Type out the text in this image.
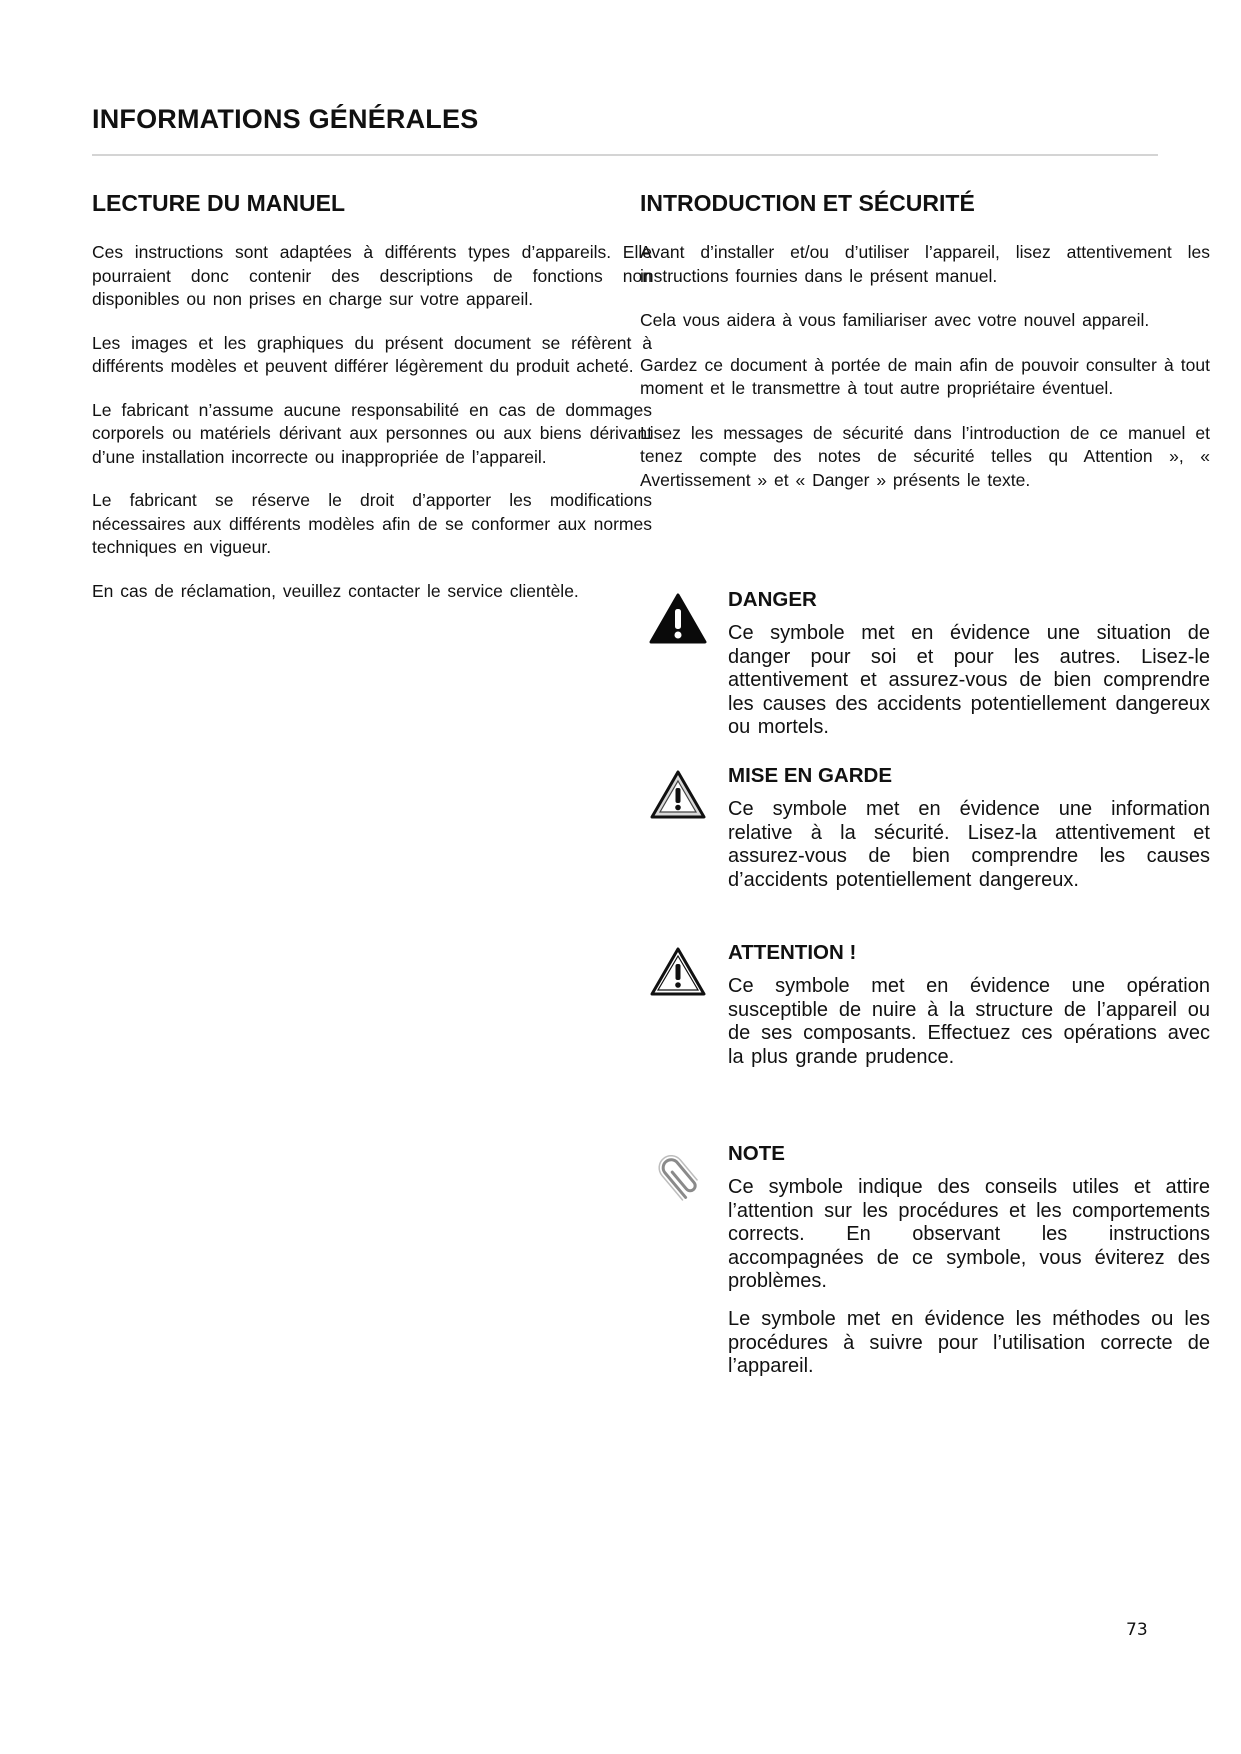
INFORMATIONS GÉNÉRALES
LECTURE DU MANUEL

Ces instructions sont adaptées à différents types d’appareils. Elle pourraient donc contenir des descriptions de fonctions non disponibles ou non prises en charge sur votre appareil.

Les images et les graphiques du présent document se réfèrent à différents modèles et peuvent différer légèrement du produit acheté.

Le fabricant n’assume aucune responsabilité en cas de dommages corporels ou matériels dérivant aux personnes ou aux biens dérivant d’une installation incorrecte ou inappropriée de l’appareil.

Le fabricant se réserve le droit d’apporter les modifications nécessaires aux différents modèles afin de se conformer aux normes techniques en vigueur.

En cas de réclamation, veuillez contacter le service clientèle.

INTRODUCTION ET SÉCURITÉ

Avant d’installer et/ou d’utiliser l’appareil, lisez attentivement les instructions fournies dans le présent manuel.

Cela vous aidera à vous familiariser avec votre nouvel appareil.

Gardez ce document à portée de main afin de pouvoir consulter à tout moment et le transmettre à tout autre propriétaire éventuel.

Lisez les messages de sécurité dans l’introduction de ce manuel et tenez compte des notes de sécurité telles qu Attention », « Avertissement » et « Danger » présents le texte.

DANGER

Ce symbole met en évidence une situation de danger pour soi et pour les autres. Lisez-le attentivement et assurez-vous de bien comprendre les causes des accidents potentiellement dangereux ou mortels.

MISE EN GARDE

Ce symbole met en évidence une information relative à la sécurité. Lisez-la attentivement et assurez-vous de bien comprendre les causes d’accidents potentiellement dangereux.

ATTENTION !

Ce symbole met en évidence une opération susceptible de nuire à la structure de l’appareil ou de ses composants. Effectuez ces opérations avec la plus grande prudence.

NOTE

Ce symbole indique des conseils utiles et attire l’attention sur les procédures et les comportements corrects. En observant les instructions accompagnées de ce symbole, vous éviterez des problèmes.

Le symbole met en évidence les méthodes ou les procédures à suivre pour l’utilisation correcte de l’appareil.

73
